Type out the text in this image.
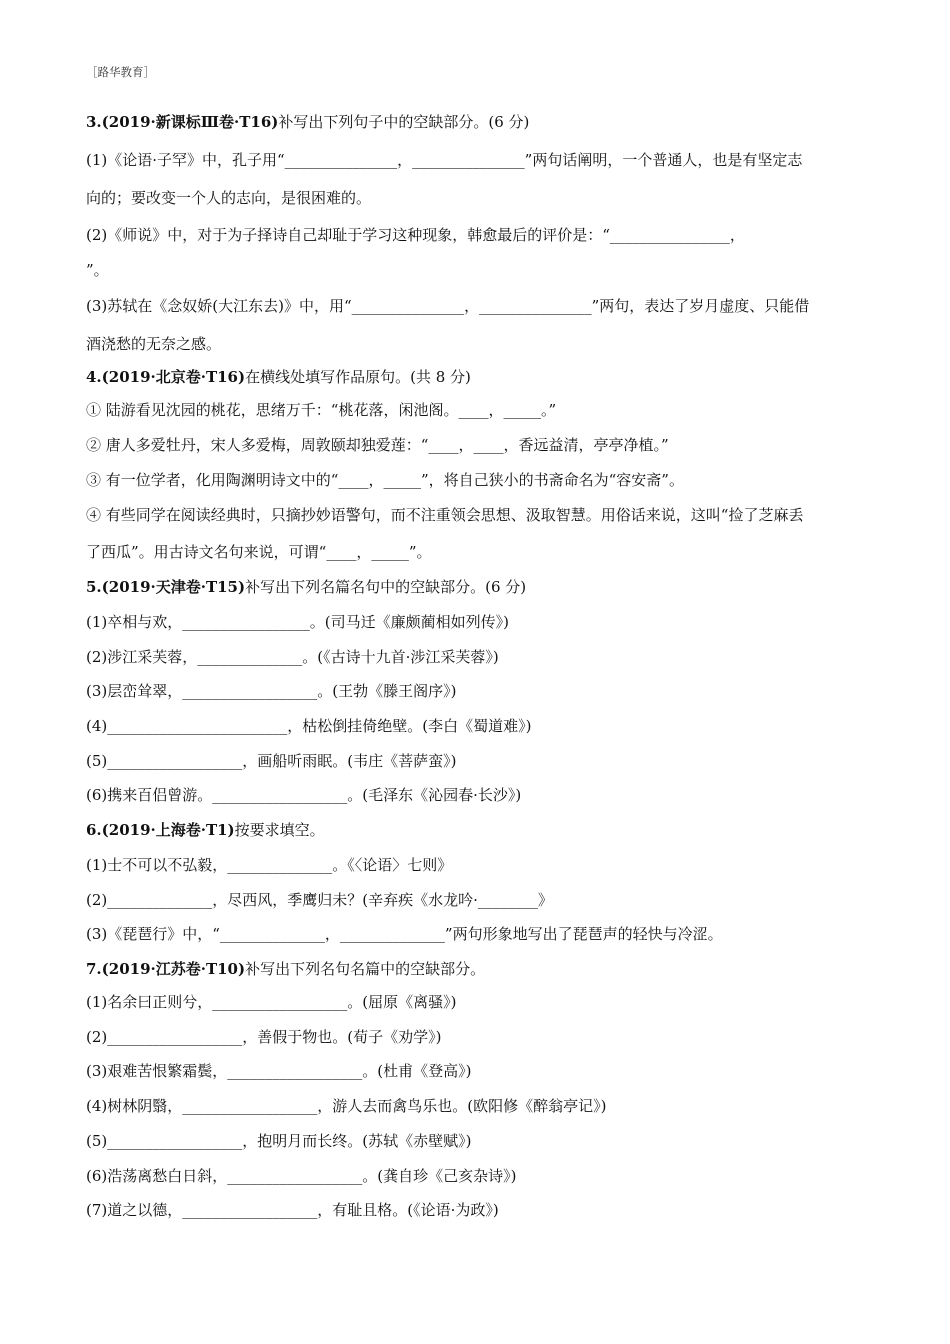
［路华教育］
3.(2019·新课标Ⅲ卷·T16)补写出下列句子中的空缺部分。(6 分)
(1)《论语·子罕》中，孔子用“_______________，_______________”两句话阐明，一个普通人，也是有坚定志
向的；要改变一个人的志向，是很困难的。
(2)《师说》中，对于为子择诗自己却耻于学习这种现象，韩愈最后的评价是：“________________，
”。
(3)苏轼在《念奴娇(大江东去)》中，用“_______________，_______________”两句，表达了岁月虚度、只能借
酒浇愁的无奈之感。
4.(2019·北京卷·T16)在横线处填写作品原句。(共 8 分)
① 陆游看见沈园的桃花，思绪万千：“桃花落，闲池阁。____，_____。”
② 唐人多爱牡丹，宋人多爱梅，周敦颐却独爱莲：“____，____，香远益清，亭亭净植。”
③ 有一位学者，化用陶渊明诗文中的“____，_____”，将自己狭小的书斋命名为“容安斋”。
④ 有些同学在阅读经典时，只摘抄妙语警句，而不注重领会思想、汲取智慧。用俗话来说，这叫“捡了芝麻丢
了西瓜”。用古诗文名句来说，可谓“____，_____”。
5.(2019·天津卷·T15)补写出下列名篇名句中的空缺部分。(6 分)
(1)卒相与欢，_________________。(司马迁《廉颇蔺相如列传》)
(2)涉江采芙蓉，______________。(《古诗十九首·涉江采芙蓉》)
(3)层峦耸翠，__________________。(王勃《滕王阁序》)
(4)________________________，枯松倒挂倚绝壁。(李白《蜀道难》)
(5)__________________，画船听雨眠。(韦庄《菩萨蛮》)
(6)携来百侣曾游。__________________。(毛泽东《沁园春·长沙》)
6.(2019·上海卷·T1)按要求填空。
(1)士不可以不弘毅，______________。《〈论语〉七则》
(2)______________，尽西风，季鹰归未？(辛弃疾《水龙吟·________》
(3)《琵琶行》中，“______________，______________”两句形象地写出了琵琶声的轻快与冷涩。
7.(2019·江苏卷·T10)补写出下列名句名篇中的空缺部分。
(1)名余曰正则兮，__________________。(屈原《离骚》)
(2)__________________，善假于物也。(荀子《劝学》)
(3)艰难苦恨繁霜鬓，__________________。(杜甫《登高》)
(4)树林阴翳，__________________，游人去而禽鸟乐也。(欧阳修《醉翁亭记》)
(5)__________________，抱明月而长终。(苏轼《赤壁赋》)
(6)浩荡离愁白日斜，__________________。(龚自珍《己亥杂诗》)
(7)道之以德，__________________，有耻且格。(《论语·为政》)
